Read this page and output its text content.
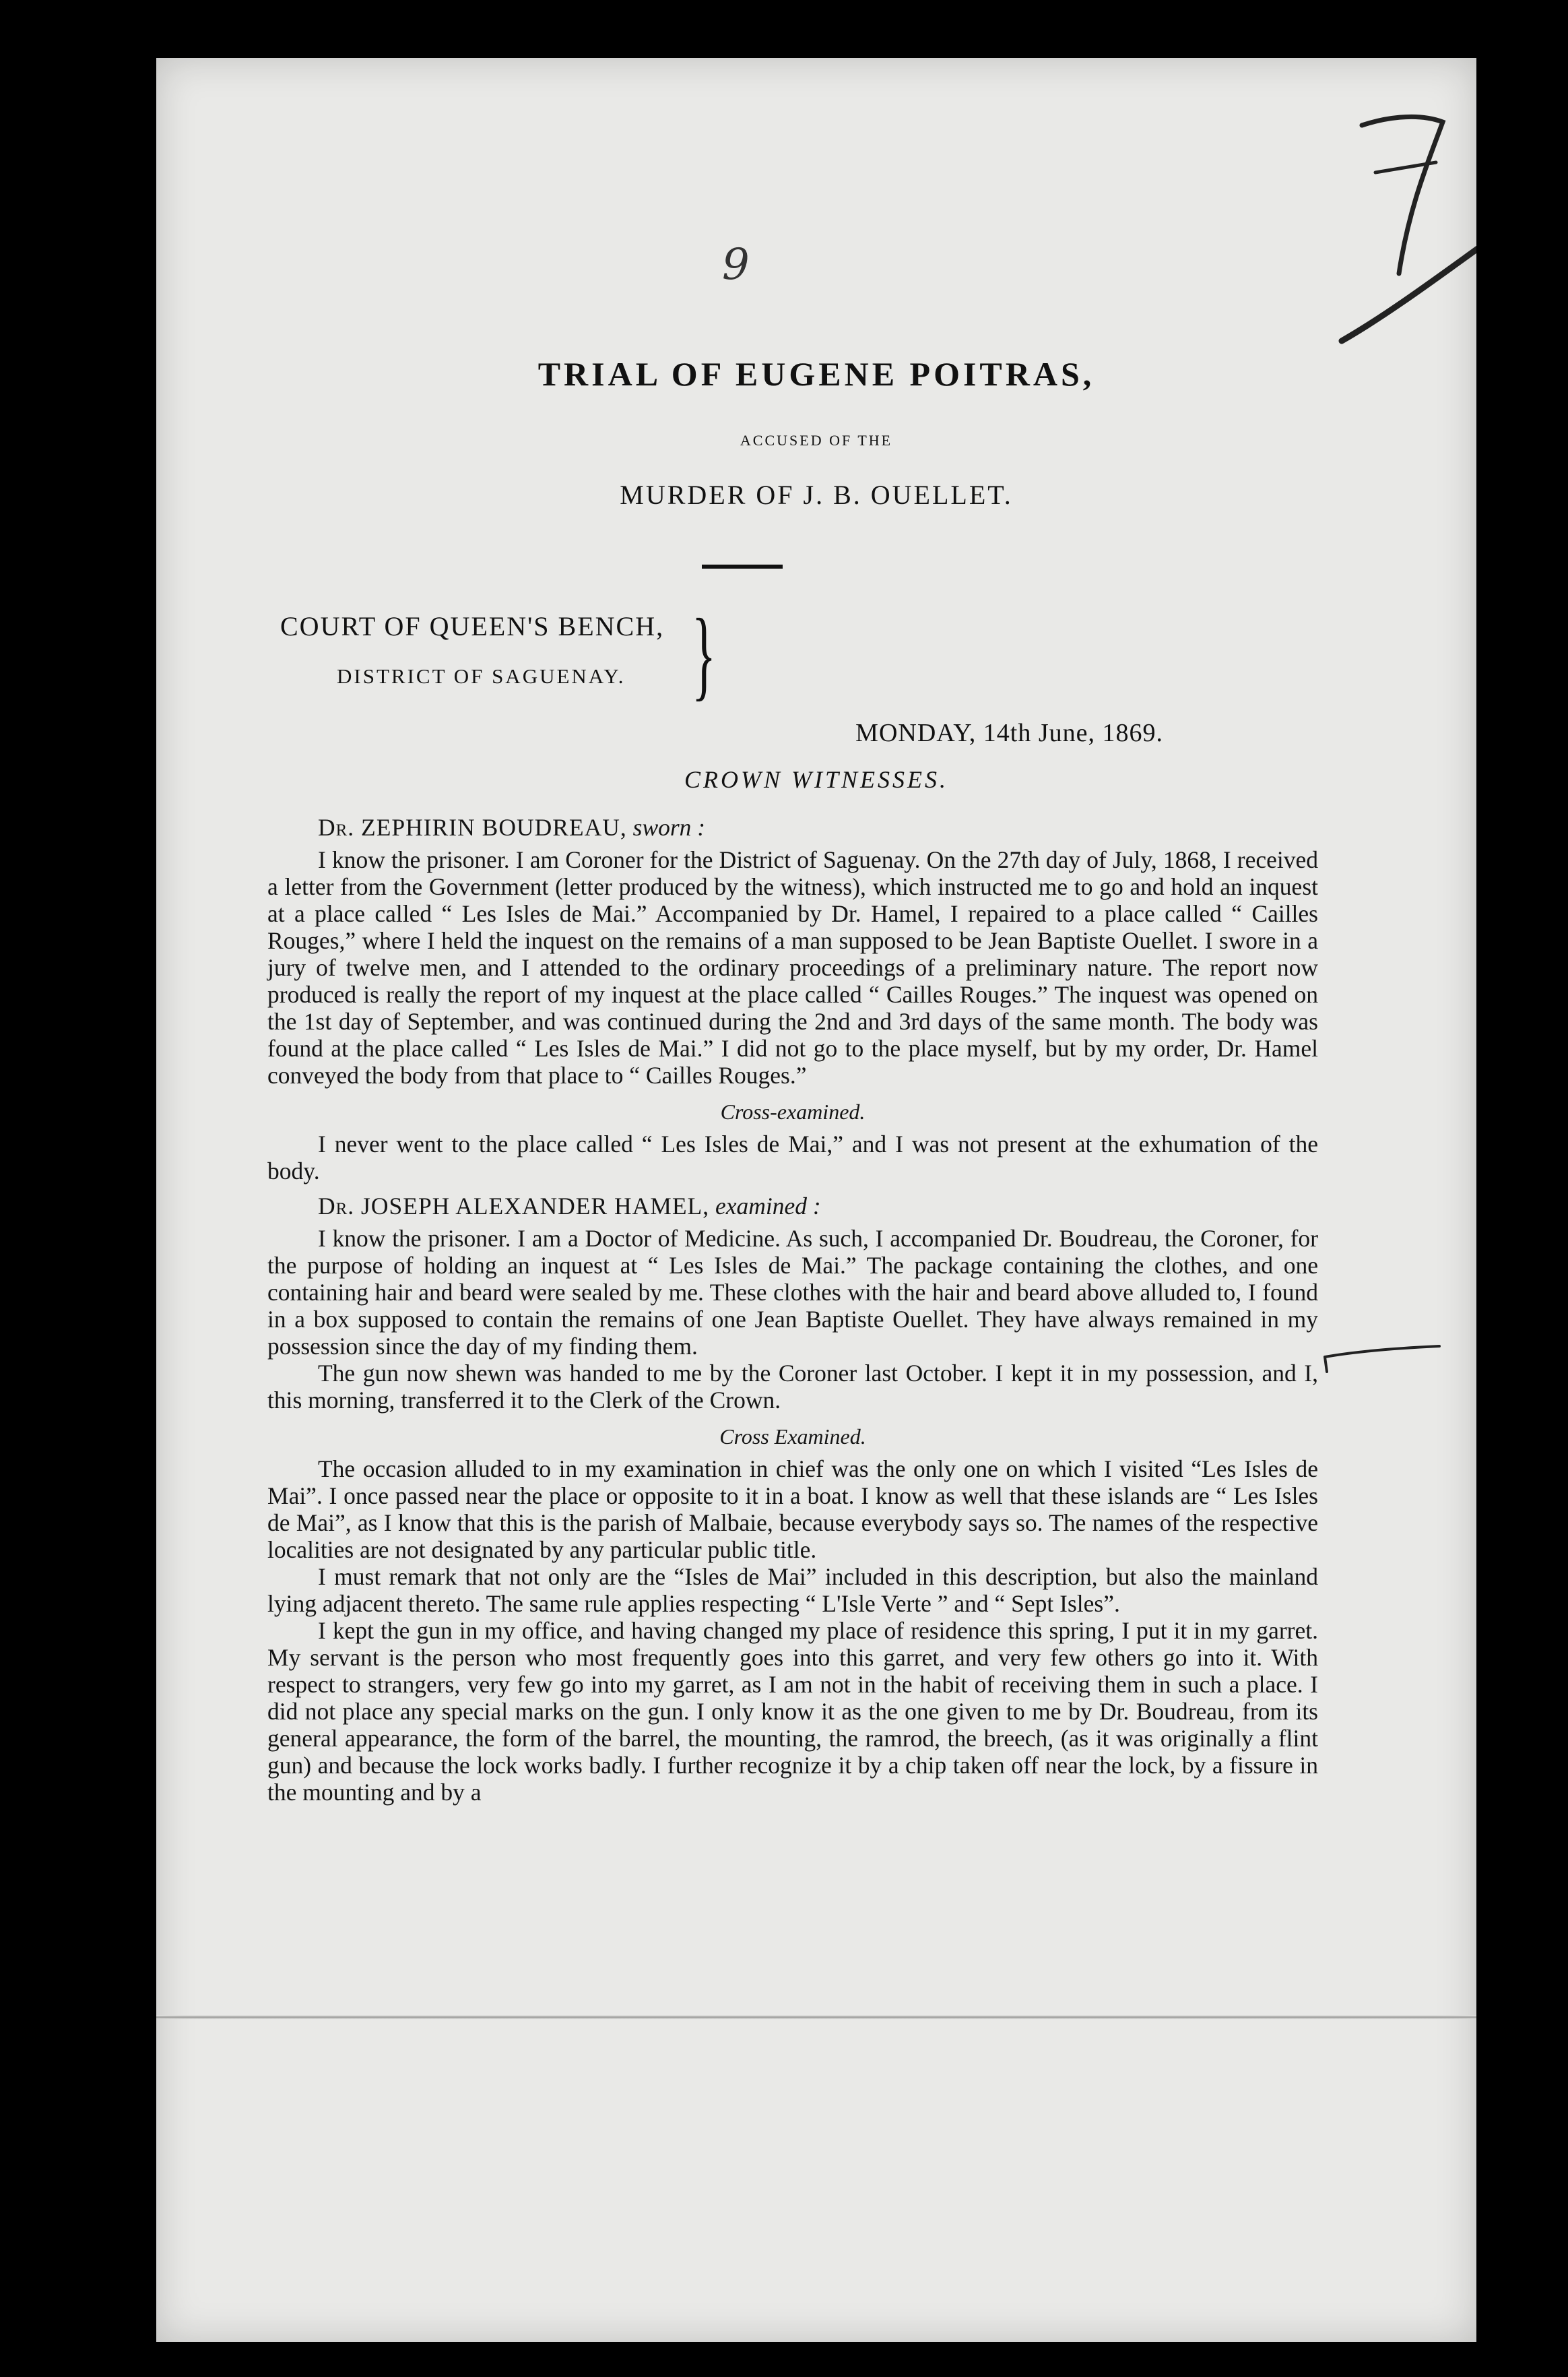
9
TRIAL OF EUGENE POITRAS,
ACCUSED OF THE
MURDER OF J. B. OUELLET.
COURT OF QUEEN'S BENCH,
DISTRICT OF SAGUENAY. }
MONDAY, 14th June, 1869.
CROWN WITNESSES.

Dr. ZEPHIRIN BOUDREAU, sworn :

I know the prisoner. I am Coroner for the District of Saguenay. On the 27th day of July, 1868, I received a letter from the Government (letter produced by the witness), which instructed me to go and hold an inquest at a place called “ Les Isles de Mai.” Accompanied by Dr. Hamel, I repaired to a place called “ Cailles Rouges,” where I held the inquest on the remains of a man supposed to be Jean Baptiste Ouellet. I swore in a jury of twelve men, and I attended to the ordinary proceedings of a preliminary nature. The report now produced is really the report of my inquest at the place called “ Cailles Rouges.” The inquest was opened on the 1st day of September, and was continued during the 2nd and 3rd days of the same month. The body was found at the place called “ Les Isles de Mai.” I did not go to the place myself, but by my order, Dr. Hamel conveyed the body from that place to “ Cailles Rouges.”

Cross-examined.

I never went to the place called “ Les Isles de Mai,” and I was not present at the exhumation of the body.

Dr. JOSEPH ALEXANDER HAMEL, examined :

I know the prisoner. I am a Doctor of Medicine. As such, I accompanied Dr. Boudreau, the Coroner, for the purpose of holding an inquest at “ Les Isles de Mai.” The package containing the clothes, and one containing hair and beard were sealed by me. These clothes with the hair and beard above alluded to, I found in a box supposed to contain the remains of one Jean Baptiste Ouellet. They have always remained in my possession since the day of my finding them.

The gun now shewn was handed to me by the Coroner last October. I kept it in my possession, and I, this morning, transferred it to the Clerk of the Crown.

Cross Examined.

The occasion alluded to in my examination in chief was the only one on which I visited “Les Isles de Mai”. I once passed near the place or opposite to it in a boat. I know as well that these islands are “ Les Isles de Mai”, as I know that this is the parish of Malbaie, because everybody says so. The names of the respective localities are not designated by any particular public title.

I must remark that not only are the “Isles de Mai” included in this description, but also the mainland lying adjacent thereto. The same rule applies respecting “ L'Isle Verte ” and “ Sept Isles”.

I kept the gun in my office, and having changed my place of residence this spring, I put it in my garret. My servant is the person who most frequently goes into this garret, and very few others go into it. With respect to strangers, very few go into my garret, as I am not in the habit of receiving them in such a place. I did not place any special marks on the gun. I only know it as the one given to me by Dr. Boudreau, from its general appearance, the form of the barrel, the mounting, the ramrod, the breech, (as it was originally a flint gun) and because the lock works badly. I further recognize it by a chip taken off near the lock, by a fissure in the mounting and by a
